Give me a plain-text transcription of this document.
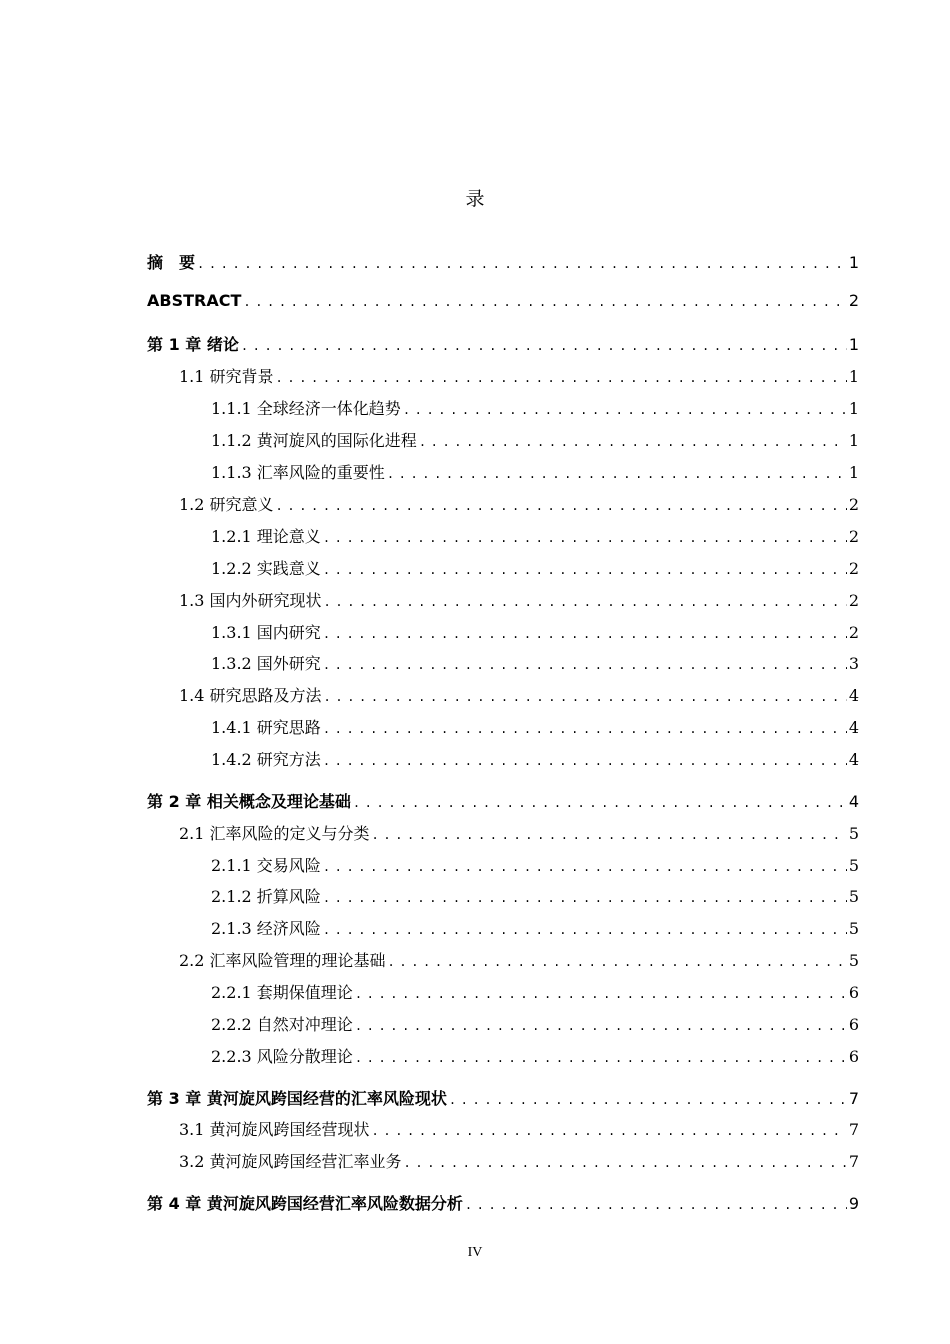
录
摘　要 .....	1
ABSTRACT .....	2
第 1 章 绪论 .....	1
1.1 研究背景 .....	1
1.1.1 全球经济一体化趋势 .....	1
1.1.2 黄河旋风的国际化进程 .....	1
1.1.3 汇率风险的重要性 .....	1
1.2 研究意义 .....	2
1.2.1 理论意义 .....	2
1.2.2 实践意义 .....	2
1.3 国内外研究现状 .....	2
1.3.1 国内研究 .....	2
1.3.2 国外研究 .....	3
1.4 研究思路及方法 .....	4
1.4.1 研究思路 .....	4
1.4.2 研究方法 .....	4
第 2 章 相关概念及理论基础 .....	4
2.1 汇率风险的定义与分类 .....	5
2.1.1 交易风险 .....	5
2.1.2 折算风险 .....	5
2.1.3 经济风险 .....	5
2.2 汇率风险管理的理论基础 .....	5
2.2.1 套期保值理论 .....	6
2.2.2 自然对冲理论 .....	6
2.2.3 风险分散理论 .....	6
第 3 章 黄河旋风跨国经营的汇率风险现状 .....	7
3.1 黄河旋风跨国经营现状 .....	7
3.2 黄河旋风跨国经营汇率业务 .....	7
第 4 章 黄河旋风跨国经营汇率风险数据分析 .....	9
IV
